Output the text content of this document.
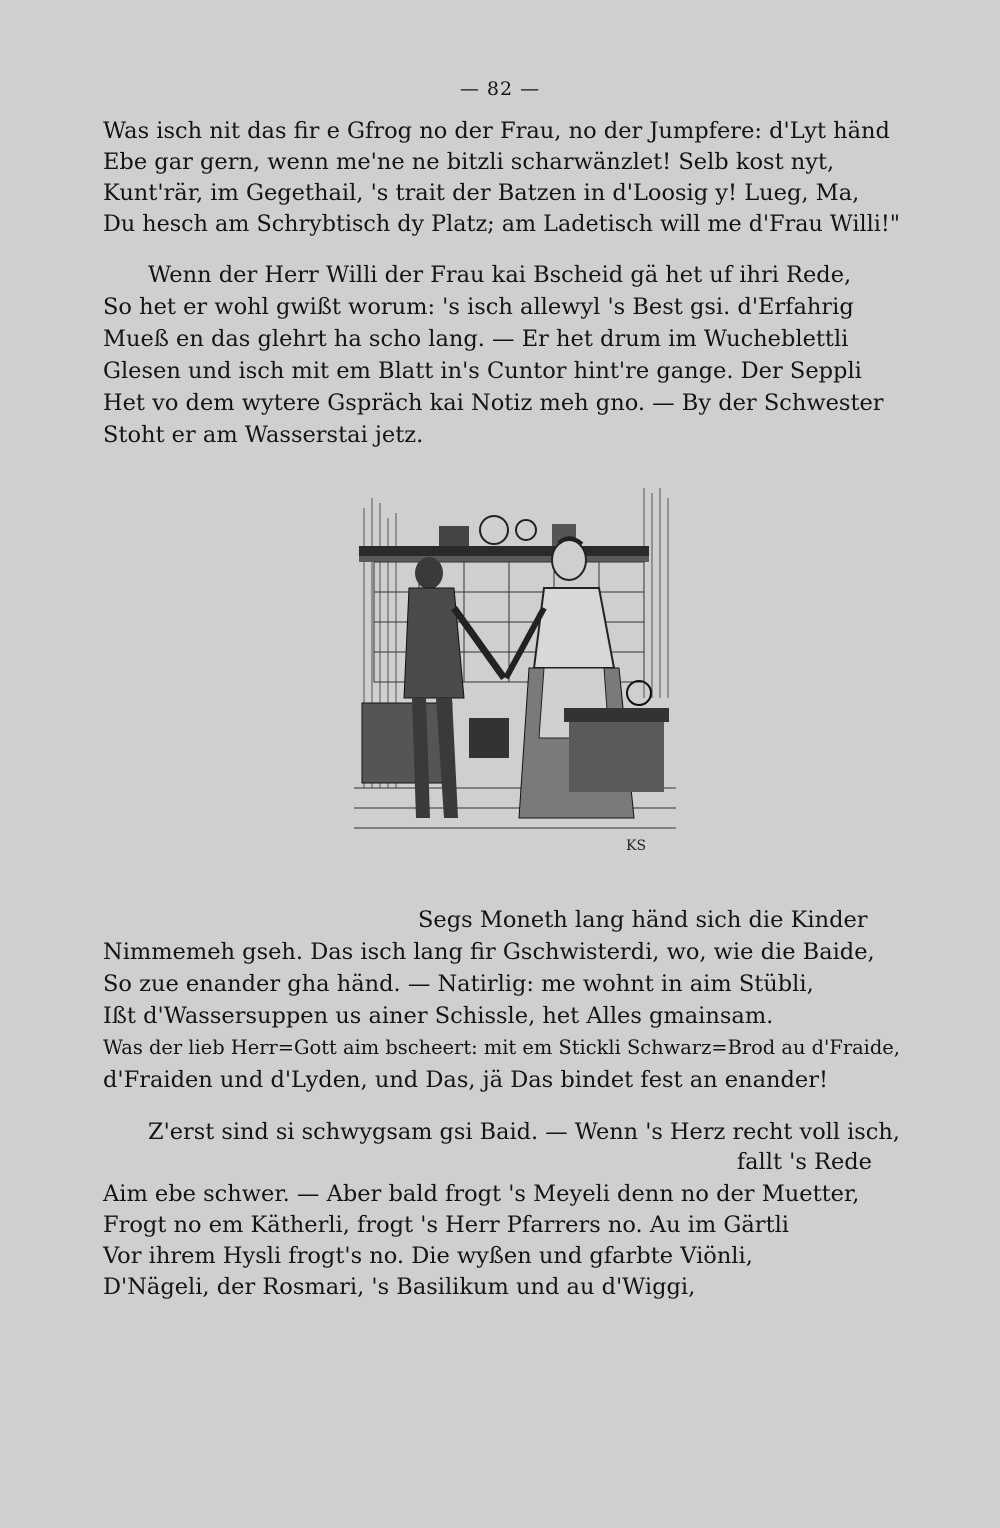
— 82 —
Was isch nit das fir e Gfrog no der Frau, no der Jumpfere: d'Lyt händ
Ebe gar gern, wenn me'ne ne bitzli scharwänzlet! Selb kost nyt,
Kunt'rär, im Gegethail, 's trait der Batzen in d'Loosig y! Lueg, Ma,
Du hesch am Schrybtisch dy Platz; am Ladetisch will me d'Frau Willi!"
Wenn der Herr Willi der Frau kai Bscheid gä het uf ihri Rede,
So het er wohl gwißt worum: 's isch allewyl 's Best gsi. d'Erfahrig
Mueß en das glehrt ha scho lang. — Er het drum im Wucheblettli
Glesen und isch mit em Blatt in's Cuntor hint're gange. Der Seppli
Het vo dem wytere Gspräch kai Notiz meh gno. — By der Schwester
Stoht er am Wasserstai jetz.
KS
Segs Moneth lang händ sich die Kinder
Nimmemeh gseh. Das isch lang fir Gschwisterdi, wo, wie die Baide,
So zue enander gha händ. — Natirlig: me wohnt in aim Stübli,
Ißt d'Wassersuppen us ainer Schissle, het Alles gmainsam.
Was der lieb Herr=Gott aim bscheert: mit em Stickli Schwarz=Brod au d'Fraide,
d'Fraiden und d'Lyden, und Das, jä Das bindet fest an enander!
Z'erst sind si schwygsam gsi Baid. — Wenn 's Herz recht voll isch,
fallt 's Rede
Aim ebe schwer. — Aber bald frogt 's Meyeli denn no der Muetter,
Frogt no em Kätherli, frogt 's Herr Pfarrers no. Au im Gärtli
Vor ihrem Hysli frogt's no. Die wyßen und gfarbte Viönli,
D'Nägeli, der Rosmari, 's Basilikum und au d'Wiggi,
